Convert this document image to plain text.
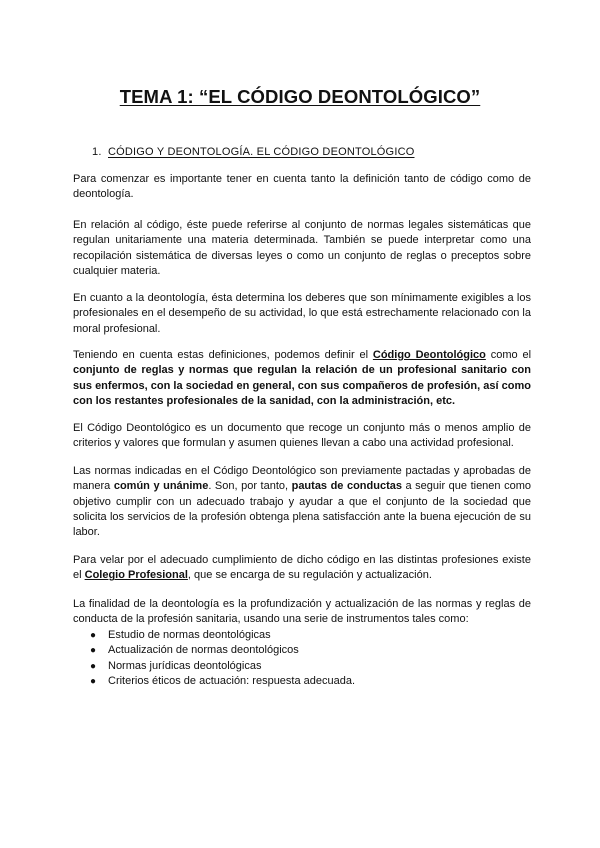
TEMA 1: “EL CÓDIGO DEONTOLÓGICO”
1. CÓDIGO Y DEONTOLOGÍA. EL CÓDIGO DEONTOLÓGICO
Para comenzar es importante tener en cuenta tanto la definición tanto de código como de deontología.
En relación al código, éste puede referirse al conjunto de normas legales sistemáticas que regulan unitariamente una materia determinada. También se puede interpretar como una recopilación sistemática de diversas leyes o como un conjunto de reglas o preceptos sobre cualquier materia.
En cuanto a la deontología, ésta determina los deberes que son mínimamente exigibles a los profesionales en el desempeño de su actividad, lo que está estrechamente relacionado con la moral profesional.
Teniendo en cuenta estas definiciones, podemos definir el Código Deontológico como el conjunto de reglas y normas que regulan la relación de un profesional sanitario con sus enfermos, con la sociedad en general, con sus compañeros de profesión, así como con los restantes profesionales de la sanidad, con la administración, etc.
El Código Deontológico es un documento que recoge un conjunto más o menos amplio de criterios y valores que formulan y asumen quienes llevan a cabo una actividad profesional.
Las normas indicadas en el Código Deontológico son previamente pactadas y aprobadas de manera común y unánime. Son, por tanto, pautas de conductas a seguir que tienen como objetivo cumplir con un adecuado trabajo y ayudar a que el conjunto de la sociedad que solicita los servicios de la profesión obtenga plena satisfacción ante la buena ejecución de su labor.
Para velar por el adecuado cumplimiento de dicho código en las distintas profesiones existe el Colegio Profesional, que se encarga de su regulación y actualización.
La finalidad de la deontología es la profundización y actualización de las normas y reglas de conducta de la profesión sanitaria, usando una serie de instrumentos tales como:
● Estudio de normas deontológicas
● Actualización de normas deontológicos
● Normas jurídicas deontológicas
● Criterios éticos de actuación: respuesta adecuada.
